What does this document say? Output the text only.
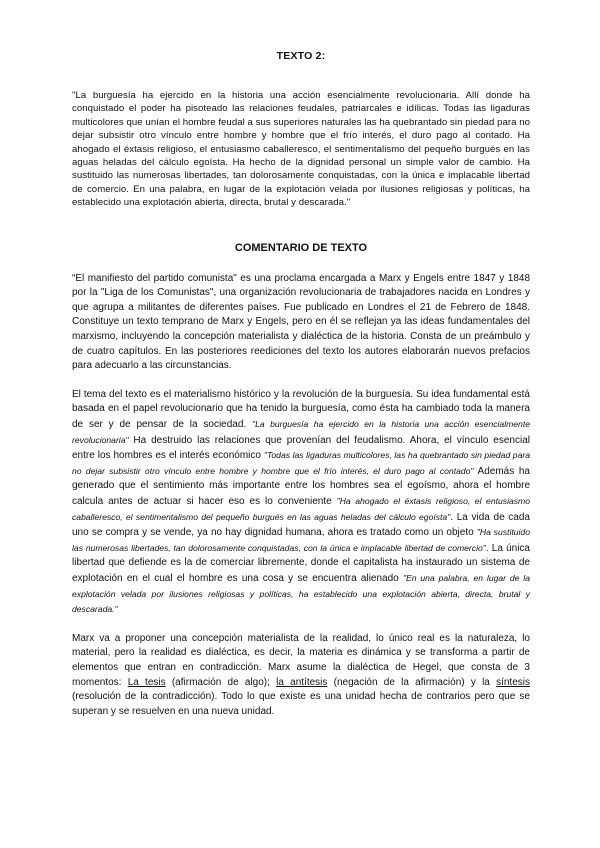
TEXTO 2:

"La burguesía ha ejercido en la historia una acción esencialmente revolucionaria. Allí donde ha conquistado el poder ha pisoteado las relaciones feudales, patriarcales e idílicas. Todas las ligaduras multicolores que unían el hombre feudal a sus superiores naturales las ha quebrantado sin piedad para no dejar subsistir otro vínculo entre hombre y hombre que el frío interés, el duro pago al contado. Ha ahogado el éxtasis religioso, el entusiasmo caballeresco, el sentimentalismo del pequeño burgués en las aguas heladas del cálculo egoísta. Ha hecho de la dignidad personal un simple valor de cambio. Ha sustituido las numerosas libertades, tan dolorosamente conquistadas, con la única e implacable libertad de comercio. En una palabra, en lugar de la explotación velada por ilusiones religiosas y políticas, ha establecido una explotación abierta, directa, brutal y descarada."

COMENTARIO DE TEXTO

“El manifiesto del partido comunista" es una proclama encargada a Marx y Engels entre 1847 y 1848 por la "Liga de los Comunistas", una organización revolucionaria de trabajadores nacida en Londres y que agrupa a militantes de diferentes países. Fue publicado en Londres el 21 de Febrero de 1848. Constituye un texto temprano de Marx y Engels, pero en él se reflejan ya las ideas fundamentales del marxismo, incluyendo la concepción materialista y dialéctica de la historia. Consta de un preámbulo y de cuatro capítulos. En las posteriores reediciones del texto los autores elaborarán nuevos prefacios para adecuarlo a las circunstancias.

El tema del texto es el materialismo histórico y la revolución de la burguesía. Su idea fundamental está basada en el papel revolucionario que ha tenido la burguesía, como ésta ha cambiado toda la manera de ser y de pensar de la sociedad. "La burguesía ha ejercido en la historia una acción esencialmente revolucionaria" Ha destruido las relaciones que provenían del feudalismo. Ahora, el vínculo esencial entre los hombres es el interés económico "Todas las ligaduras multicolores, las ha quebrantado sin piedad para no dejar subsistir otro vínculo entre hombre y hombre que el frío interés, el duro pago al contado" Además ha generado que el sentimiento más importante entre los hombres sea el egoísmo, ahora el hombre calcula antes de actuar si hacer eso es lo conveniente "Ha ahogado el éxtasis religioso, el entusiasmo caballeresco, el sentimentalismo del pequeño burgués en las aguas heladas del cálculo egoísta". La vida de cada uno se compra y se vende, ya no hay dignidad humana, ahora es tratado como un objeto "Ha sustituido las numerosas libertades, tan dolorosamente conquistadas, con la única e implacable libertad de comercio". La única libertad que defiende es la de comerciar libremente, donde el capitalista ha instaurado un sistema de explotación en el cual el hombre es una cosa y se encuentra alienado "En una palabra, en lugar de la explotación velada por ilusiones religiosas y políticas, ha establecido una explotación abierta, directa, brutal y descarada."

Marx va a proponer una concepción materialista de la realidad, lo único real es la naturaleza, lo material, pero la realidad es dialéctica, es decir, la materia es dinámica y se transforma a partir de elementos que entran en contradicción. Marx asume la dialéctica de Hegel, que consta de 3 momentos: La tesis (afirmación de algo); la antítesis (negación de la afirmación) y la síntesis (resolución de la contradicción). Todo lo que existe es una unidad hecha de contrarios pero que se superan y se resuelven en una nueva unidad.
